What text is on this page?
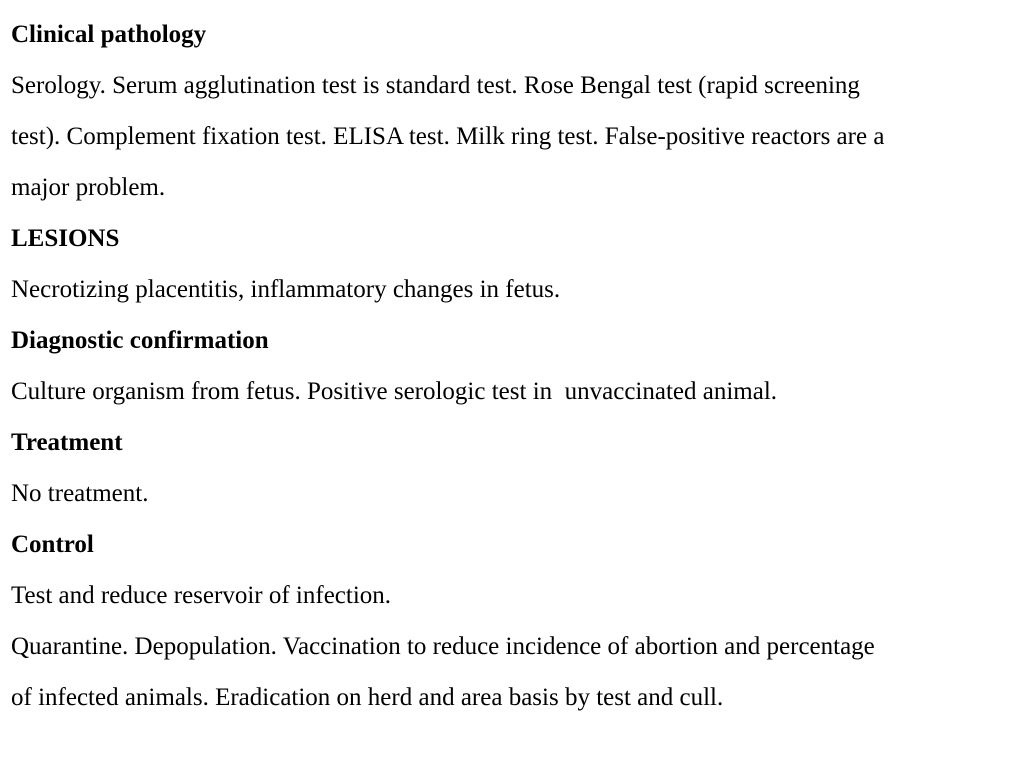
Clinical pathology

Serology. Serum agglutination test is standard test. Rose Bengal test (rapid screening

test). Complement fixation test. ELISA test. Milk ring test. False-positive reactors are a

major problem.

LESIONS

Necrotizing placentitis, inflammatory changes in fetus.

Diagnostic confirmation

Culture organism from fetus. Positive serologic test in  unvaccinated animal.

Treatment

No treatment.

Control

Test and reduce reservoir of infection.

Quarantine. Depopulation. Vaccination to reduce incidence of abortion and percentage

of infected animals. Eradication on herd and area basis by test and cull.
